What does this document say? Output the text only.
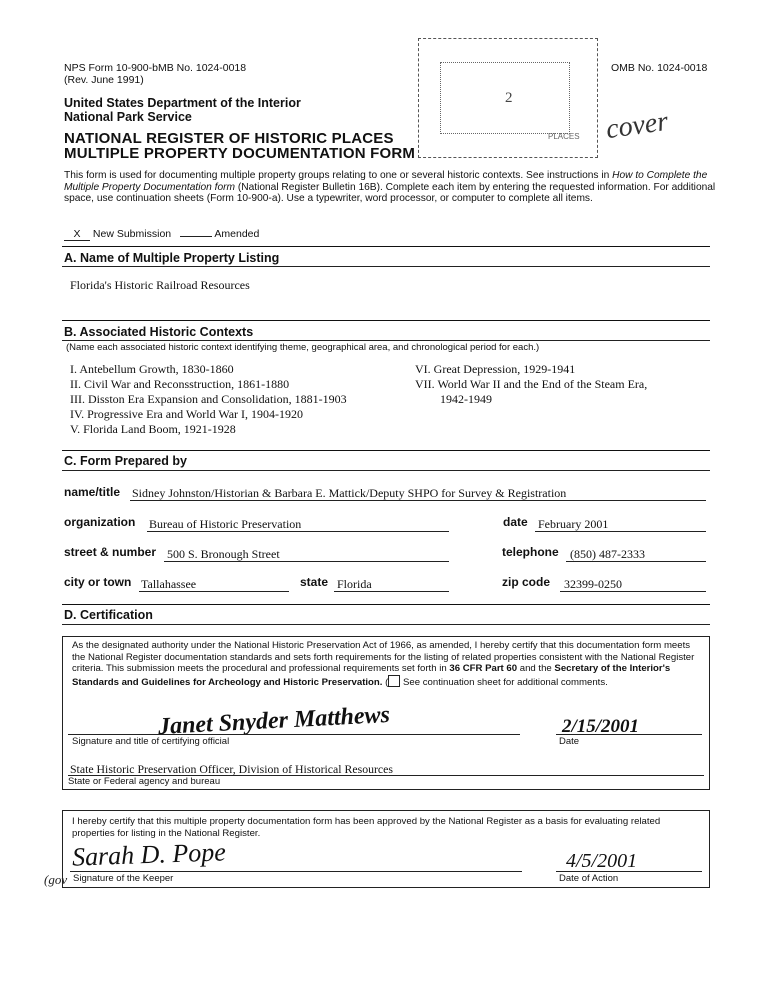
NPS Form 10-900-bMB No. 1024-0018
(Rev. June 1991)
OMB No. 1024-0018
United States Department of the Interior
National Park Service
NATIONAL REGISTER OF HISTORIC PLACES
MULTIPLE PROPERTY DOCUMENTATION FORM
2
PLACES cover
This form is used for documenting multiple property groups relating to one or several historic contexts. See instructions in How to Complete the Multiple Property Documentation form (National Register Bulletin 16B). Complete each item by entering the requested information. For additional space, use continuation sheets (Form 10-900-a). Use a typewriter, word processor, or computer to complete all items.
X New Submission	Amended
A. Name of Multiple Property Listing
Florida's Historic Railroad Resources
B. Associated Historic Contexts
(Name each associated historic context identifying theme, geographical area, and chronological period for each.)
I. Antebellum Growth, 1830-1860
II. Civil War and Reconsstruction, 1861-1880
III. Disston Era Expansion and Consolidation, 1881-1903
IV. Progressive Era and World War I, 1904-1920
V. Florida Land Boom, 1921-1928
VI. Great Depression, 1929-1941
VII. World War II and the End of the Steam Era,
1942-1949
C. Form Prepared by
name/title Sidney Johnston/Historian & Barbara E. Mattick/Deputy SHPO for Survey & Registration
organization Bureau of Historic Preservation	date February 2001
street & number 500 S. Bronough Street	telephone (850) 487-2333
city or town Tallahassee	state Florida	zip code 32399-0250
D. Certification
As the designated authority under the National Historic Preservation Act of 1966, as amended, I hereby certify that this documentation form meets the National Register documentation standards and sets forth requirements for the listing of related properties consistent with the National Register criteria. This submission meets the procedural and professional requirements set forth in 36 CFR Part 60 and the Secretary of the Interior's Standards and Guidelines for Archeology and Historic Preservation. ( See continuation sheet for additional comments.
Janet Snyder Matthews
Signature and title of certifying official
2/15/2001
Date
State Historic Preservation Officer, Division of Historical Resources
State or Federal agency and bureau
I hereby certify that this multiple property documentation form has been approved by the National Register as a basis for evaluating related properties for listing in the National Register.
Sarah D. Pope
Signature of the Keeper
4/5/2001
Date of Action
(gov
